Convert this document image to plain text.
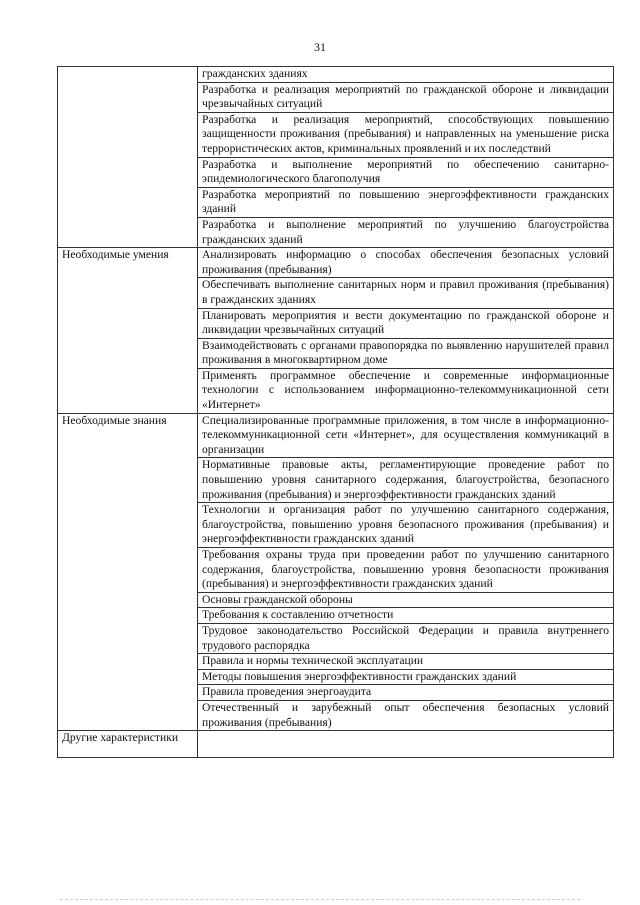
31
	гражданских зданиях
	Разработка и реализация мероприятий по гражданской обороне и ликвидации чрезвычайных ситуаций
	Разработка и реализация мероприятий, способствующих повышению защищенности проживания (пребывания) и направленных на уменьшение риска террористических актов, криминальных проявлений и их последствий
	Разработка и выполнение мероприятий по обеспечению санитарно-эпидемиологического благополучия
	Разработка мероприятий по повышению энергоэффективности гражданских зданий
	Разработка и выполнение мероприятий по улучшению благоустройства гражданских зданий
Необходимые умения	Анализировать информацию о способах обеспечения безопасных условий проживания (пребывания)
	Обеспечивать выполнение санитарных норм и правил проживания (пребывания) в гражданских зданиях
	Планировать мероприятия и вести документацию по гражданской обороне и ликвидации чрезвычайных ситуаций
	Взаимодействовать с органами правопорядка по выявлению нарушителей правил проживания в многоквартирном доме
	Применять программное обеспечение и современные информационные технологии с использованием информационно-телекоммуникационной сети «Интернет»
Необходимые знания	Специализированные программные приложения, в том числе в информационно-телекоммуникационной сети «Интернет», для осуществления коммуникаций в организации
	Нормативные правовые акты, регламентирующие проведение работ по повышению уровня санитарного содержания, благоустройства, безопасного проживания (пребывания) и энергоэффективности гражданских зданий
	Технологии и организация работ по улучшению санитарного содержания, благоустройства, повышению уровня безопасного проживания (пребывания) и энергоэффективности гражданских зданий
	Требования охраны труда при проведении работ по улучшению санитарного содержания, благоустройства, повышению уровня безопасности проживания (пребывания) и энергоэффективности гражданских зданий
	Основы гражданской обороны
	Требования к составлению отчетности
	Трудовое законодательство Российской Федерации и правила внутреннего трудового распорядка
	Правила и нормы технической эксплуатации
	Методы повышения энергоэффективности гражданских зданий
	Правила проведения энергоаудита
	Отечественный и зарубежный опыт обеспечения безопасных условий проживания (пребывания)
Другие характеристики	
